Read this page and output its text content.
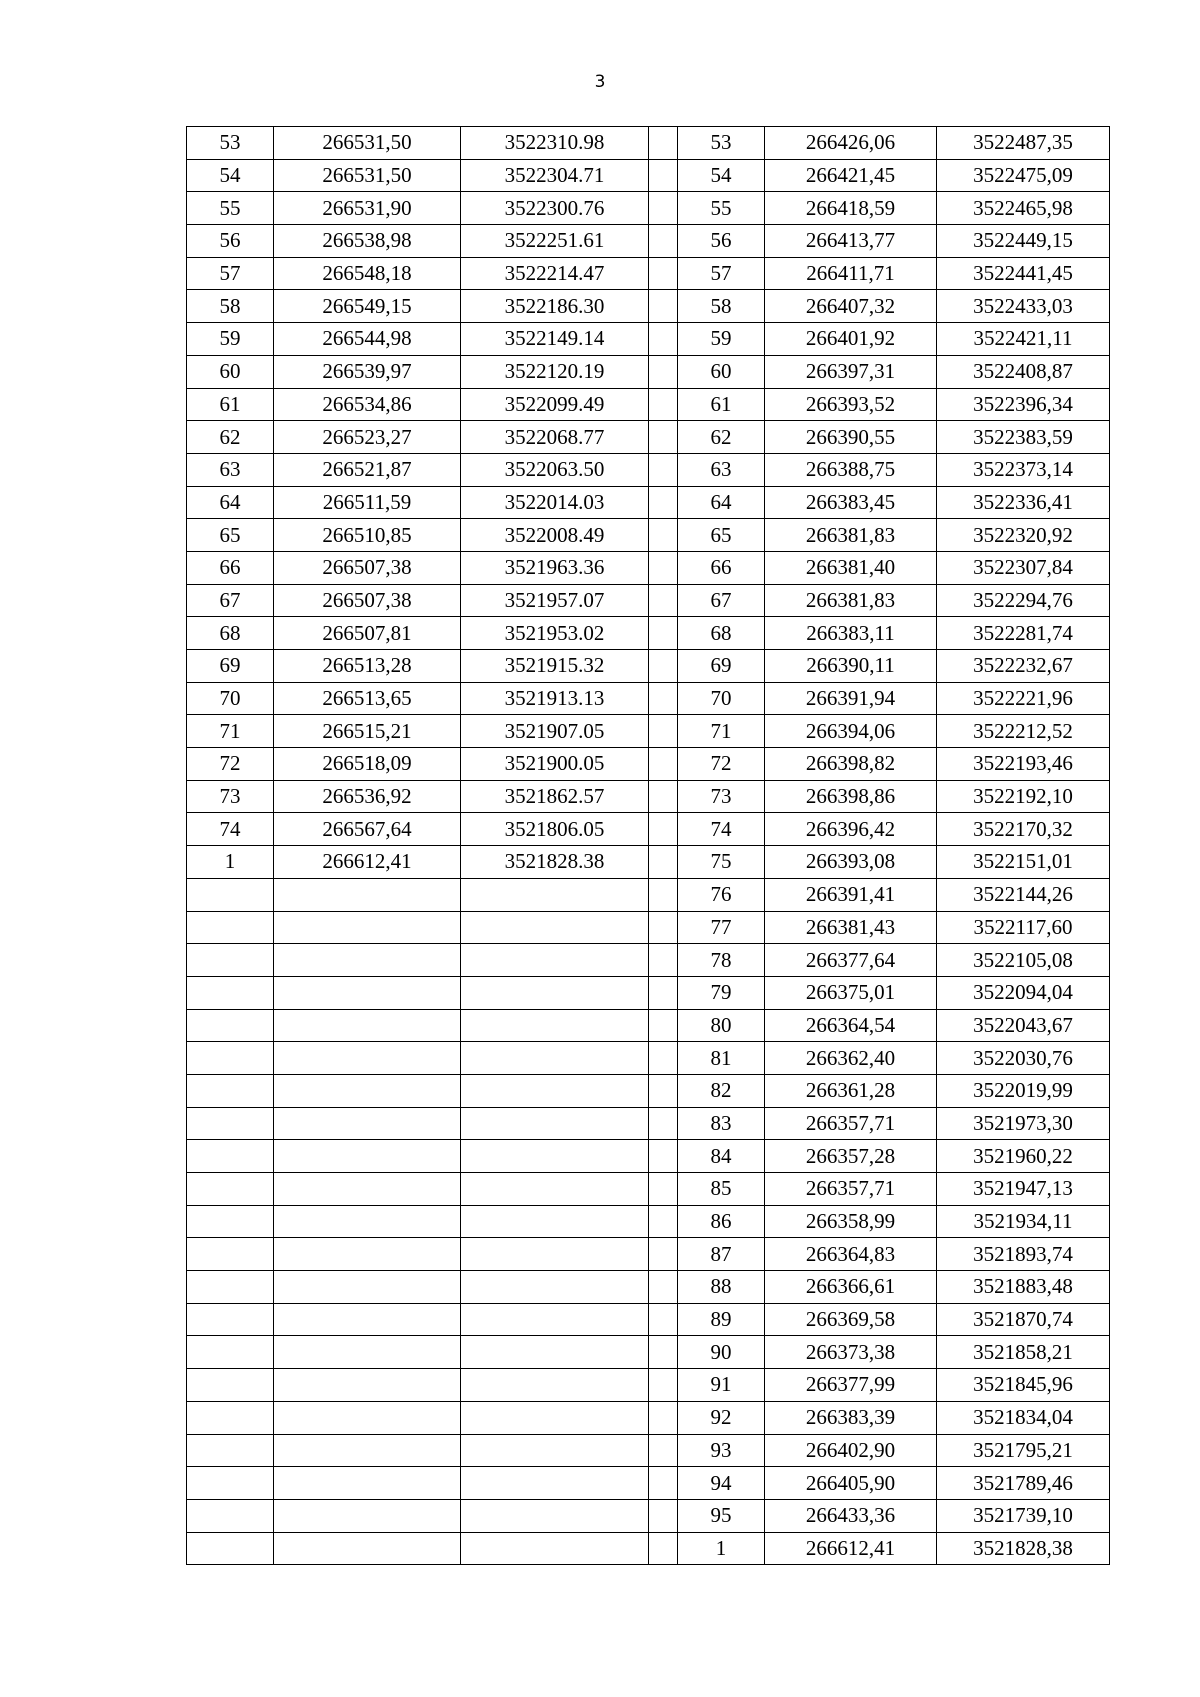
3
53	266531,50	3522310.98		53	266426,06	3522487,35
54	266531,50	3522304.71		54	266421,45	3522475,09
55	266531,90	3522300.76		55	266418,59	3522465,98
56	266538,98	3522251.61		56	266413,77	3522449,15
57	266548,18	3522214.47		57	266411,71	3522441,45
58	266549,15	3522186.30		58	266407,32	3522433,03
59	266544,98	3522149.14		59	266401,92	3522421,11
60	266539,97	3522120.19		60	266397,31	3522408,87
61	266534,86	3522099.49		61	266393,52	3522396,34
62	266523,27	3522068.77		62	266390,55	3522383,59
63	266521,87	3522063.50		63	266388,75	3522373,14
64	266511,59	3522014.03		64	266383,45	3522336,41
65	266510,85	3522008.49		65	266381,83	3522320,92
66	266507,38	3521963.36		66	266381,40	3522307,84
67	266507,38	3521957.07		67	266381,83	3522294,76
68	266507,81	3521953.02		68	266383,11	3522281,74
69	266513,28	3521915.32		69	266390,11	3522232,67
70	266513,65	3521913.13		70	266391,94	3522221,96
71	266515,21	3521907.05		71	266394,06	3522212,52
72	266518,09	3521900.05		72	266398,82	3522193,46
73	266536,92	3521862.57		73	266398,86	3522192,10
74	266567,64	3521806.05		74	266396,42	3522170,32
1	266612,41	3521828.38		75	266393,08	3522151,01
				76	266391,41	3522144,26
				77	266381,43	3522117,60
				78	266377,64	3522105,08
				79	266375,01	3522094,04
				80	266364,54	3522043,67
				81	266362,40	3522030,76
				82	266361,28	3522019,99
				83	266357,71	3521973,30
				84	266357,28	3521960,22
				85	266357,71	3521947,13
				86	266358,99	3521934,11
				87	266364,83	3521893,74
				88	266366,61	3521883,48
				89	266369,58	3521870,74
				90	266373,38	3521858,21
				91	266377,99	3521845,96
				92	266383,39	3521834,04
				93	266402,90	3521795,21
				94	266405,90	3521789,46
				95	266433,36	3521739,10
				1	266612,41	3521828,38
